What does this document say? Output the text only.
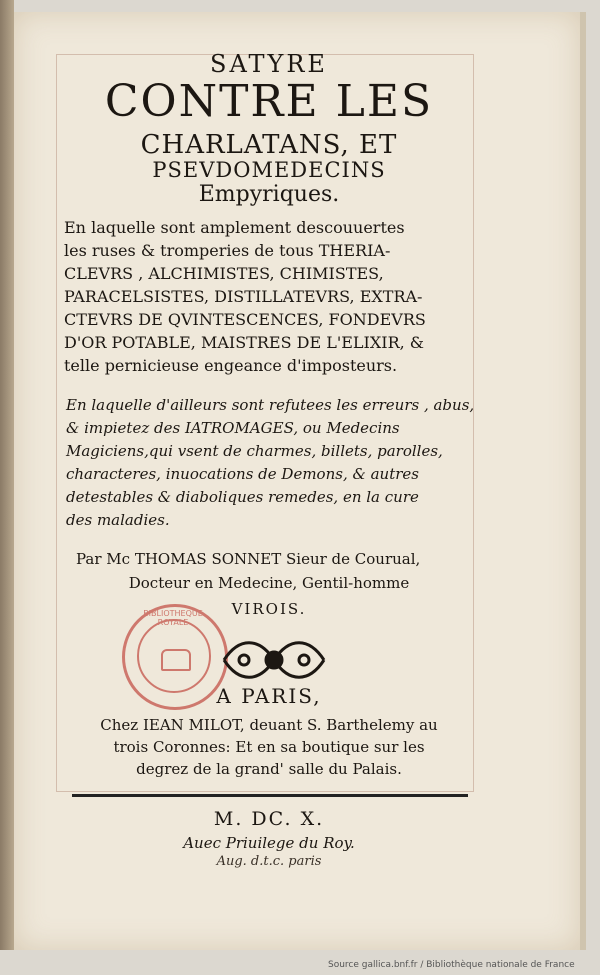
SATYRE
CONTRE LES
CHARLATANS, ET
PSEVDOMEDECINS
Empyriques.
En laquelle sont amplement descouuertes
les ruses & tromperies de tous THERIA-
CLEVRS , ALCHIMISTES, CHIMISTES,
PARACELSISTES, DISTILLATEVRS, EXTRA-
CTEVRS DE QVINTESCENCES, FONDEVRS
D'OR POTABLE, MAISTRES DE L'ELIXIR, &
telle pernicieuse engeance d'imposteurs.
En laquelle d'ailleurs sont refutees les erreurs , abus,
& impietez des IATROMAGES, ou Medecins
Magiciens,qui vsent de charmes, billets, parolles,
characteres, inuocations de Demons, & autres
detestables & diaboliques remedes, en la cure
des maladies.
Par Mc THOMAS SONNET Sieur de Courual,
Docteur en Medecine, Gentil-homme
VIROIS.
A PARIS,
Chez IEAN MILOT, deuant S. Barthelemy au
trois Coronnes: Et en sa boutique sur les
degrez de la grand' salle du Palais.
M. DC. X.
Auec Priuilege du Roy.
Aug. d.t.c. paris
BIBLIOTHEQUE ROYALE
Source gallica.bnf.fr / Bibliothèque nationale de France
